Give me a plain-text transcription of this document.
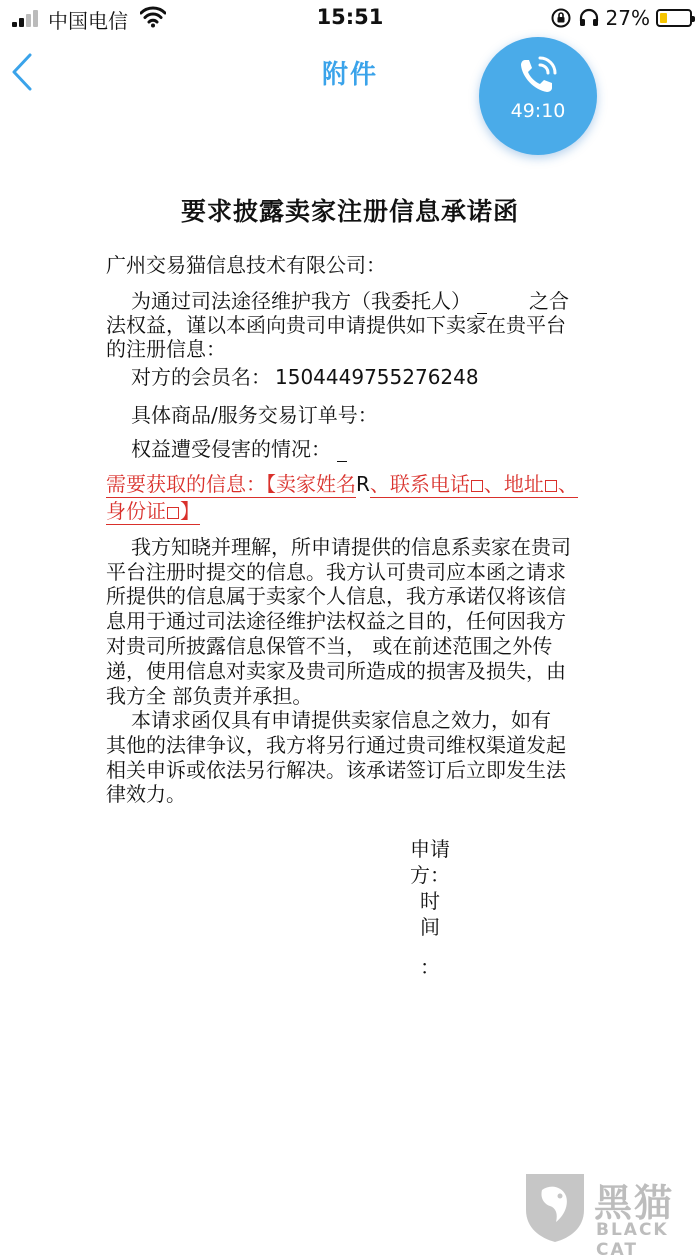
中国电信	15:51	27%
附件
49:10
要求披露卖家注册信息承诺函
广州交易猫信息技术有限公司：
为通过司法途径维护我方（我委托人）	之合
法权益，谨以本函向贵司申请提供如下卖家在贵平台
的注册信息：
对方的会员名： 1504449755276248
具体商品/服务交易订单号：
权益遭受侵害的情况：
需要获取的信息：【卖家姓名R、联系电话 、地址 、
身份证 】
我方知晓并理解，所申请提供的信息系卖家在贵司
平台注册时提交的信息。我方认可贵司应本函之请求
所提供的信息属于卖家个人信息，我方承诺仅将该信
息用于通过司法途径维护法权益之目的，任何因我方
对贵司所披露信息保管不当， 或在前述范围之外传
递，使用信息对卖家及贵司所造成的损害及损失，由
我方全 部负责并承担。
本请求函仅具有申请提供卖家信息之效力，如有
其他的法律争议，我方将另行通过贵司维权渠道发起
相关申诉或依法另行解决。该承诺签订后立即发生法
律效力。
申请
方：
时
间
：
黑猫
BLACK CAT
